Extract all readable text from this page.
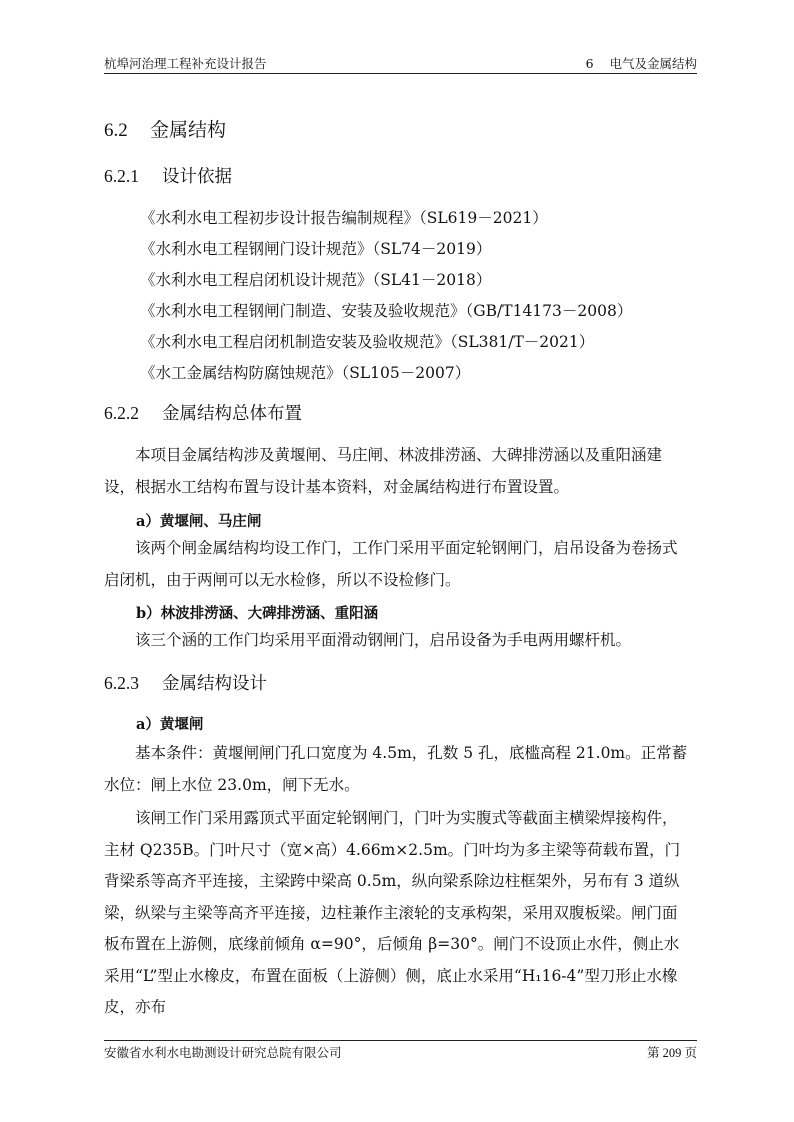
杭埠河治理工程补充设计报告	6    电气及金属结构
6.2 金属结构
6.2.1 设计依据
《水利水电工程初步设计报告编制规程》（SL619－2021）
《水利水电工程钢闸门设计规范》（SL74－2019）
《水利水电工程启闭机设计规范》（SL41－2018）
《水利水电工程钢闸门制造、安装及验收规范》（GB/T14173－2008）
《水利水电工程启闭机制造安装及验收规范》（SL381/T－2021）
《水工金属结构防腐蚀规范》（SL105－2007）
6.2.2 金属结构总体布置
本项目金属结构涉及黄堰闸、马庄闸、林波排涝涵、大碑排涝涵以及重阳涵建设，根据水工结构布置与设计基本资料，对金属结构进行布置设置。
a）黄堰闸、马庄闸
该两个闸金属结构均设工作门，工作门采用平面定轮钢闸门，启吊设备为卷扬式启闭机，由于两闸可以无水检修，所以不设检修门。
b）林波排涝涵、大碑排涝涵、重阳涵
该三个涵的工作门均采用平面滑动钢闸门，启吊设备为手电两用螺杆机。
6.2.3 金属结构设计
a）黄堰闸
基本条件：黄堰闸闸门孔口宽度为 4.5m，孔数 5 孔，底槛高程 21.0m。正常蓄水位：闸上水位 23.0m，闸下无水。
该闸工作门采用露顶式平面定轮钢闸门，门叶为实腹式等截面主横梁焊接构件，主材 Q235B。门叶尺寸（宽×高）4.66m×2.5m。门叶均为多主梁等荷载布置，门背梁系等高齐平连接，主梁跨中梁高 0.5m，纵向梁系除边柱框架外，另布有 3 道纵梁，纵梁与主梁等高齐平连接，边柱兼作主滚轮的支承构架，采用双腹板梁。闸门面板布置在上游侧，底缘前倾角 α=90°，后倾角 β=30°。闸门不设顶止水件，侧止水采用“L”型止水橡皮，布置在面板（上游侧）侧，底止水采用“H₁16-4”型刀形止水橡皮，亦布
安徽省水利水电勘测设计研究总院有限公司	第 209 页
